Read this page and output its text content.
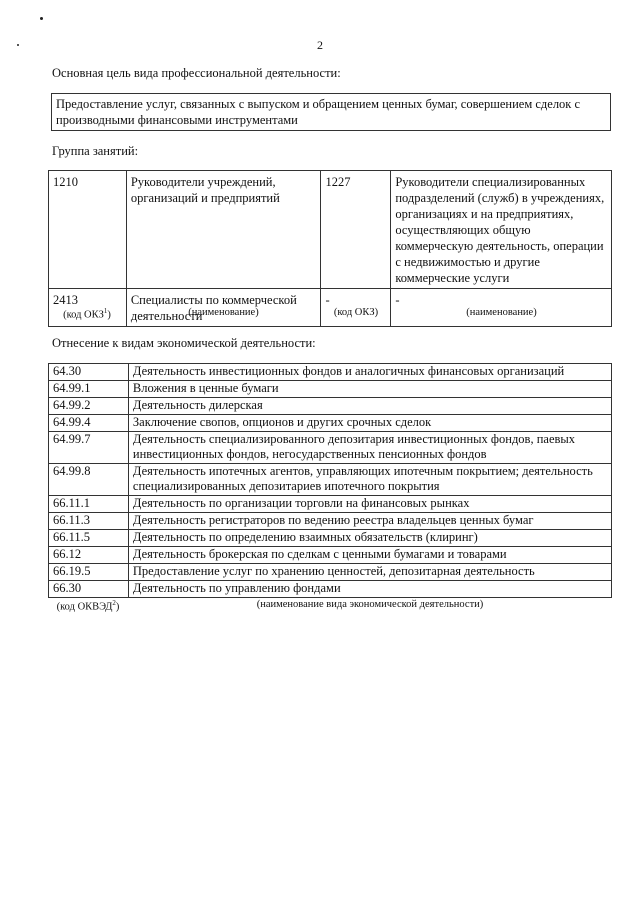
2
Основная цель вида профессиональной деятельности:
Предоставление услуг, связанных с выпуском и обращением ценных бумаг, совершением сделок с производными финансовыми инструментами
Группа занятий:
1210	Руководители учреждений, организаций и предприятий	1227	Руководители специализированных подразделений (служб) в учреждениях, организациях и на предприятиях, осуществляющих общую коммерческую деятельность, операции с недвижимостью и другие коммерческие услуги
2413	Специалисты по коммерческой деятельности	-	-
(код ОКЗ$^1$)	(наименование)	(код ОКЗ)	(наименование)
Отнесение к видам экономической деятельности:
64.30	Деятельность инвестиционных фондов и аналогичных финансовых организаций
64.99.1	Вложения в ценные бумаги
64.99.2	Деятельность дилерская
64.99.4	Заключение свопов, опционов и других срочных сделок
64.99.7	Деятельность специализированного депозитария инвестиционных фондов, паевых инвестиционных фондов, негосударственных пенсионных фондов
64.99.8	Деятельность ипотечных агентов, управляющих ипотечным покрытием; деятельность специализированных депозитариев ипотечного покрытия
66.11.1	Деятельность по организации торговли на финансовых рынках
66.11.3	Деятельность регистраторов по ведению реестра владельцев ценных бумаг
66.11.5	Деятельность по определению взаимных обязательств (клиринг)
66.12	Деятельность брокерская по сделкам с ценными бумагами и товарами
66.19.5	Предоставление услуг по хранению ценностей, депозитарная деятельность
66.30	Деятельность по управлению фондами
(код ОКВЭД$^2$)	(наименование вида экономической деятельности)
